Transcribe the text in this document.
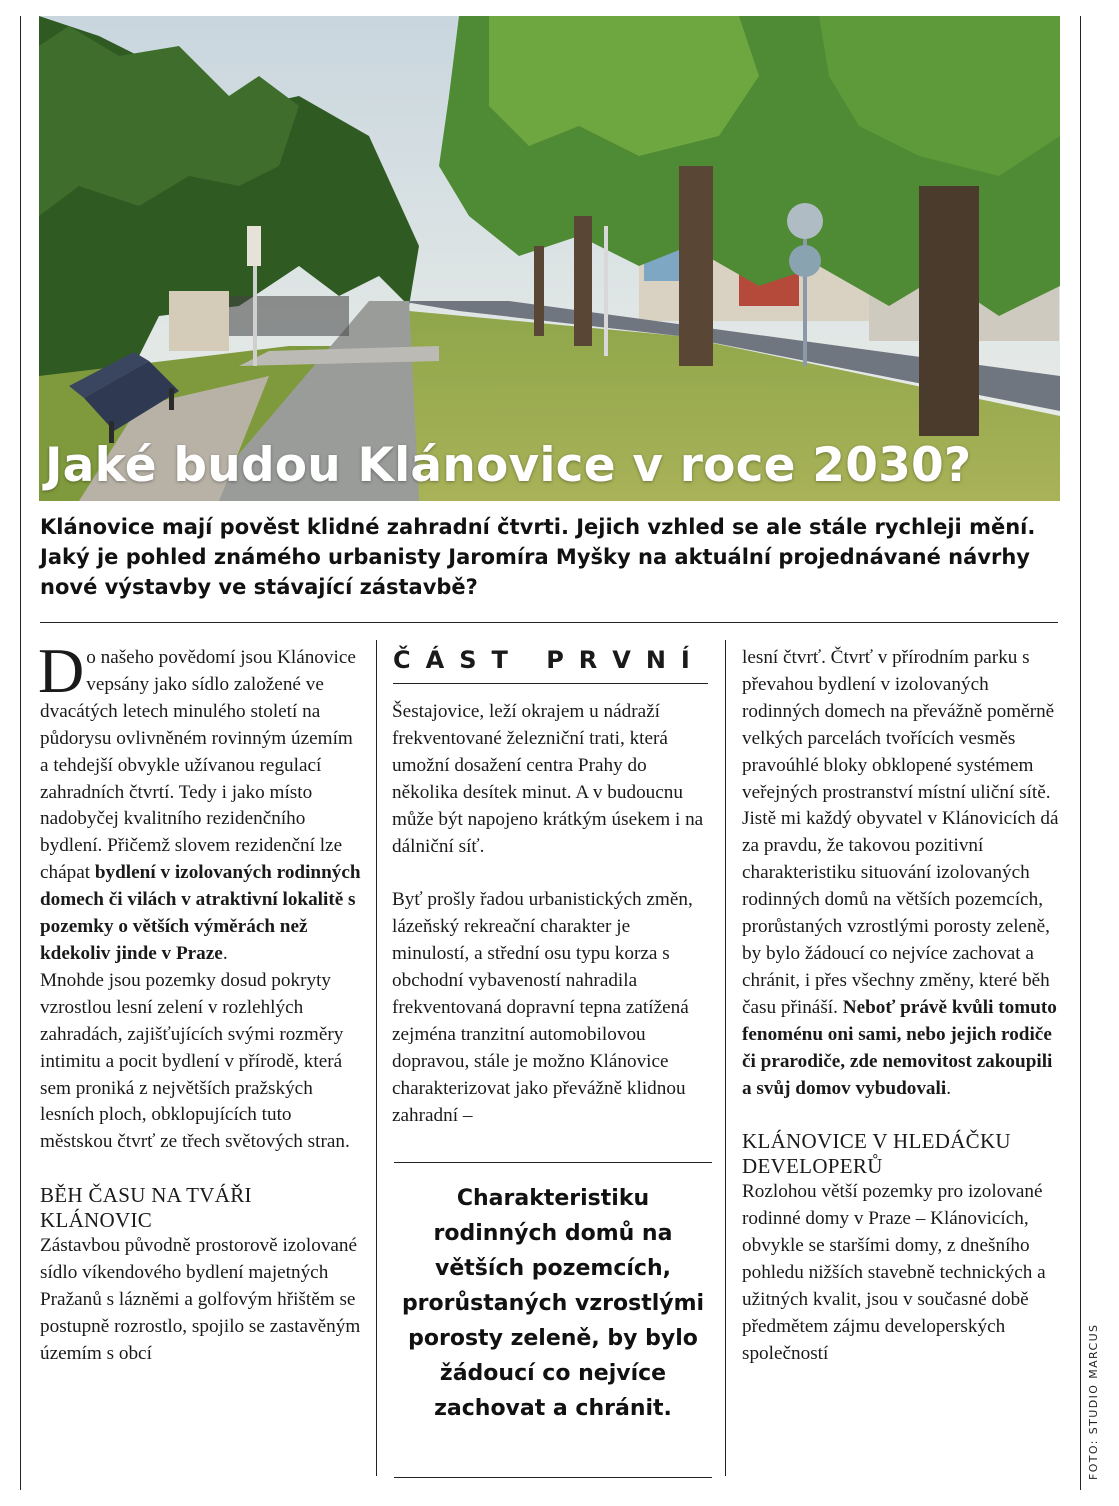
Jaké budou Klánovice v roce 2030?
Klánovice mají pověst klidné zahradní čtvrti. Jejich vzhled se ale stále rychleji mění. Jaký je pohled známého urbanisty Jaromíra Myšky na aktuální projednávané návrhy nové výstavby ve stávající zástavbě?

Do našeho povědomí jsou Klánovice vepsány jako sídlo založené ve dvacátých letech minulého století na půdorysu ovlivněném rovinným územím a tehdejší obvykle užívanou regulací zahradních čtvrtí. Tedy i jako místo nadobyčej kvalitního rezidenčního bydlení. Přičemž slovem rezidenční lze chápat bydlení v izolovaných rodinných domech či vilách v atraktivní lokalitě s pozemky o větších výměrách než kdekoliv jinde v Praze.

Mnohde jsou pozemky dosud pokryty vzrostlou lesní zelení v rozlehlých zahradách, zajišťujících svými rozměry intimitu a pocit bydlení v přírodě, která sem proniká z největších pražských lesních ploch, obklopujících tuto městskou čtvrť ze třech světových stran.

BĚH ČASU NA TVÁŘI KLÁNOVIC

Zástavbou původně prostorově izolované sídlo víkendového bydlení majetných Pražanů s lázněmi a golfovým hřištěm se postupně rozrostlo, spojilo se zastavěným územím s obcí

ČÁST PRVNÍ

Šestajovice, leží okrajem u nádraží frekventované železniční trati, která umožní dosažení centra Prahy do několika desítek minut. A v budoucnu může být napojeno krátkým úsekem i na dálniční síť.

Byť prošly řadou urbanistických změn, lázeňský rekreační charakter je minulostí, a střední osu typu korza s obchodní vybaveností nahradila frekventovaná dopravní tepna zatížená zejména tranzitní automobilovou dopravou, stále je možno Klánovice charakterizovat jako převážně klidnou zahradní –

Charakteristiku rodinných domů na větších pozemcích, prorůstaných vzrostlými porosty zeleně, by bylo žádoucí co nejvíce zachovat a chránit.

lesní čtvrť. Čtvrť v přírodním parku s převahou bydlení v izolovaných rodinných domech na převážně poměrně velkých parcelách tvořících vesměs pravoúhlé bloky obklopené systémem veřejných prostranství místní uliční sítě.

Jistě mi každý obyvatel v Klánovicích dá za pravdu, že takovou pozitivní charakteristiku situování izolovaných rodinných domů na větších pozemcích, prorůstaných vzrostlými porosty zeleně, by bylo žádoucí co nejvíce zachovat a chránit, i přes všechny změny, které běh času přináší. Neboť právě kvůli tomuto fenoménu oni sami, nebo jejich rodiče či prarodiče, zde nemovitost zakoupili a svůj domov vybudovali.

KLÁNOVICE V HLEDÁČKU DEVELOPERŮ

Rozlohou větší pozemky pro izolované rodinné domy v Praze – Klánovicích, obvykle se staršími domy, z dnešního pohledu nižších stavebně technických a užitných kvalit, jsou v současné době předmětem zájmu developerských společností	FOTO: STUDIO MARCUS
